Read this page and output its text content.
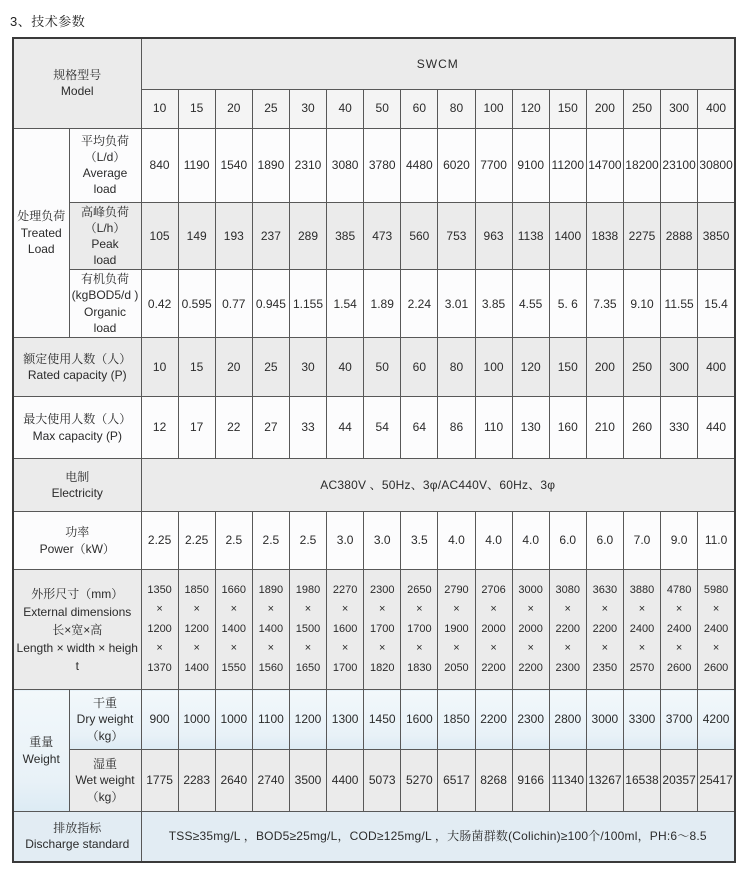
3、技术参数
规格型号
Model		SWCM															
		10	15	20	25	30	40	50	60	80	100	120	150	200	250	300	400
处理负荷
Treated
Load	平均负荷
（L/d）
Average
load	840	1190	1540	1890	2310	3080	3780	4480	6020	7700	9100	11200	14700	18200	23100	30800
	高峰负荷
（L/h）
Peak
load	105	149	193	237	289	385	473	560	753	963	1138	1400	1838	2275	2888	3850
	有机负荷
(kgBOD5/d )
Organic
load	0.42	0.595	0.77	0.945	1.155	1.54	1.89	2.24	3.01	3.85	4.55	5. 6	7.35	9.10	11.55	15.4
额定使用人数（人）
Rated capacity (P)		10	15	20	25	30	40	50	60	80	100	120	150	200	250	300	400
最大使用人数（人）
Max capacity (P)		12	17	22	27	33	44	54	64	86	110	130	160	210	260	330	440
电制
Electricity		AC380V 、50Hz、3φ/AC440V、60Hz、3φ															
功率
Power（kW）		2.25	2.25	2.5	2.5	2.5	3.0	3.0	3.5	4.0	4.0	4.0	6.0	6.0	7.0	9.0	11.0
外形尺寸（mm）
External dimensions
长×宽×高
Length × width × height		1350
×
1200
×
1370	1850
×
1200
×
1400	1660
×
1400
×
1550	1890
×
1400
×
1560	1980
×
1500
×
1650	2270
×
1600
×
1700	2300
×
1700
×
1820	2650
×
1700
×
1830	2790
×
1900
×
2050	2706
×
2000
×
2200	3000
×
2000
×
2200	3080
×
2200
×
2300	3630
×
2200
×
2350	3880
×
2400
×
2570	4780
×
2400
×
2600	5980
×
2400
×
2600
重量
Weight	干重
Dry weight
（kg）	900	1000	1000	1100	1200	1300	1450	1600	1850	2200	2300	2800	3000	3300	3700	4200
	湿重
Wet weight
（kg）	1775	2283	2640	2740	3500	4400	5073	5270	6517	8268	9166	11340	13267	16538	20357	25417
排放指标
Discharge standard		TSS≥35mg/L ，BOD5≥25mg/L，COD≥125mg/L ，大肠菌群数(Colichin)≥100个/100ml，PH:6～8.5															
